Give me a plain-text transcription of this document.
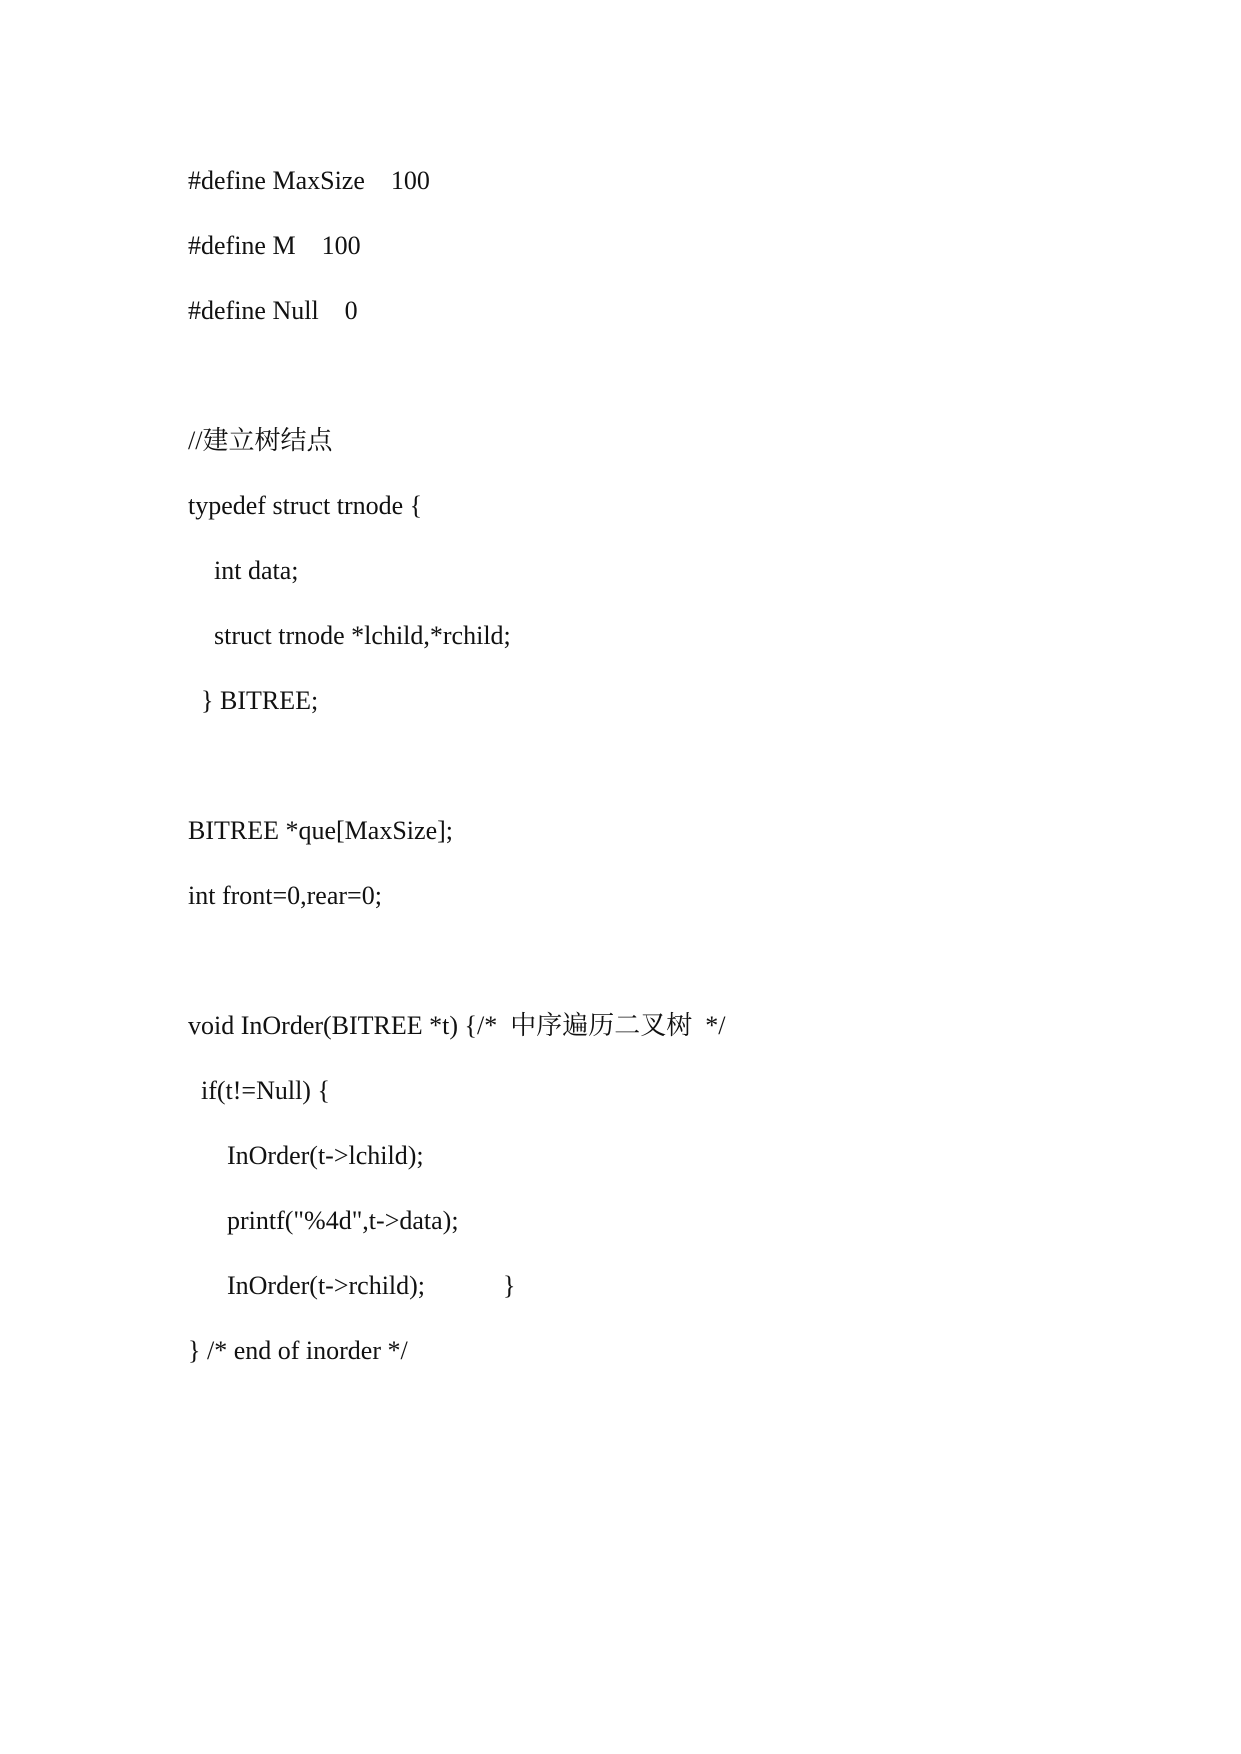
#define MaxSize    100
#define M    100
#define Null    0
//建立树结点
typedef struct trnode {
int data;
struct trnode *lchild,*rchild;
} BITREE;
BITREE *que[MaxSize];
int front=0,rear=0;
void InOrder(BITREE *t) {/*  中序遍历二叉树  */
if(t!=Null) {
InOrder(t->lchild);
printf("%4d",t->data);
InOrder(t->rchild);            }
} /* end of inorder */
